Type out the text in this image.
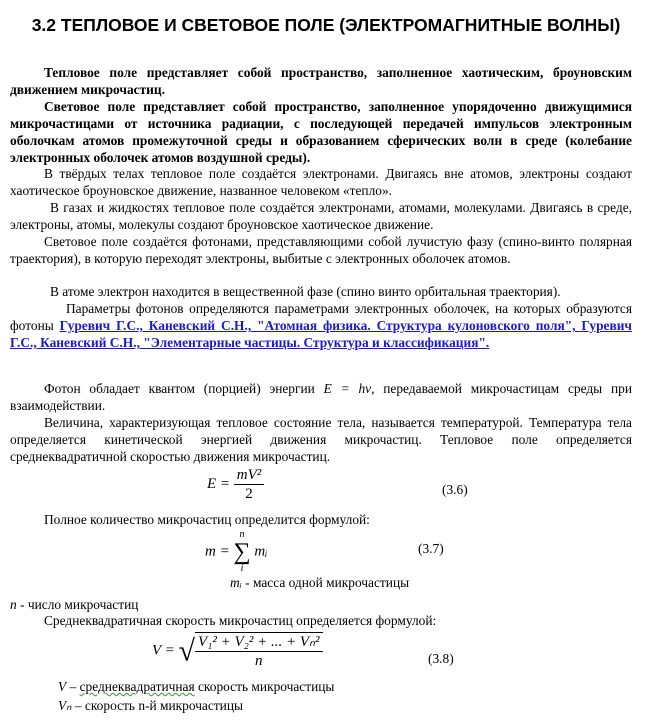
3.2 ТЕПЛОВОЕ И СВЕТОВОЕ ПОЛЕ (ЭЛЕКТРОМАГНИТНЫЕ ВОЛНЫ)
Тепловое поле представляет собой пространство, заполненное хаотическим, броуновским движением микрочастиц.
Световое поле представляет собой пространство, заполненное упорядоченно движущимися микрочастицами от источника радиации, с последующей передачей импульсов электронным оболочкам атомов промежуточной среды и образованием сферических волн в среде (колебание электронных оболочек атомов воздушной среды).
В твёрдых телах тепловое поле создаётся электронами. Двигаясь вне атомов, электроны создают хаотическое броуновское движение, названное человеком «тепло».
В газах и жидкостях тепловое поле создаётся электронами, атомами, молекулами. Двигаясь в среде, электроны, атомы, молекулы создают броуновское хаотическое движение.
Световое поле создаётся фотонами, представляющими собой лучистую фазу (спино-винто полярная траектория), в которую переходят электроны, выбитые с электронных оболочек атомов.
В атоме электрон находится в вещественной фазе (спино винто орбитальная траектория).
Параметры фотонов определяются параметрами электронных оболочек, на которых образуются фотоны Гуревич Г.С., Каневский С.Н., "Атомная физика. Структура кулоновского поля", Гуревич Г.С., Каневский С.Н., "Элементарные частицы. Структура и классификация".
Фотон обладает квантом (порцией) энергии E = hν, передаваемой микрочастицам среды при взаимодействии.
Величина, характеризующая тепловое состояние тела, называется температурой. Температура тела определяется кинетической энергией движения микрочастиц. Тепловое поле определяется среднеквадратичной скоростью движения микрочастиц.
$E = \frac{\text{mV²}}{2}$	(3.6)
Полное количество микрочастиц определится формулой:
m =
n
∑
i
mᵢ	(3.7)
mᵢ - масса одной микрочастицы
n - число микрочастиц
Среднеквадратичная скорость микрочастиц определяется формулой:
V = √ $\frac{\text{V₁² + V₂² + ... + Vₙ²}}{n}$	(3.8)
V – среднеквадратичная скорость микрочастицы
Vₙ – скорость n-й микрочастицы
